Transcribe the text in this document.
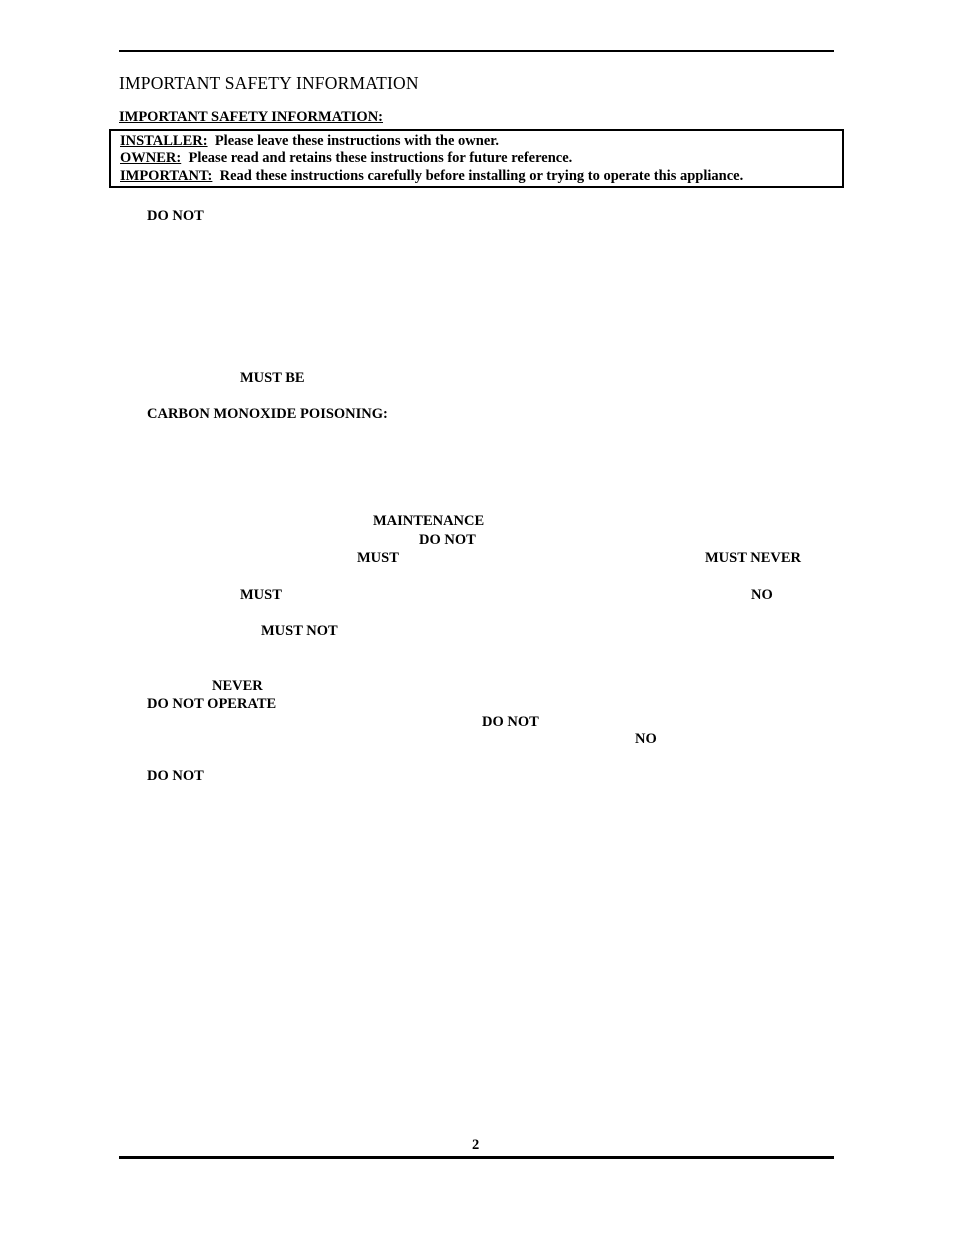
IMPORTANT SAFETY INFORMATION
IMPORTANT SAFETY INFORMATION:
INSTALLER: Please leave these instructions with the owner.
OWNER: Please read and retains these instructions for future reference.
IMPORTANT: Read these instructions carefully before installing or trying to operate this appliance.
DO NOT
MUST BE
CARBON MONOXIDE POISONING:
MAINTENANCE
DO NOT
MUST	MUST NEVER
MUST	NO
MUST NOT
NEVER
DO NOT OPERATE
DO NOT
NO
DO NOT
2
